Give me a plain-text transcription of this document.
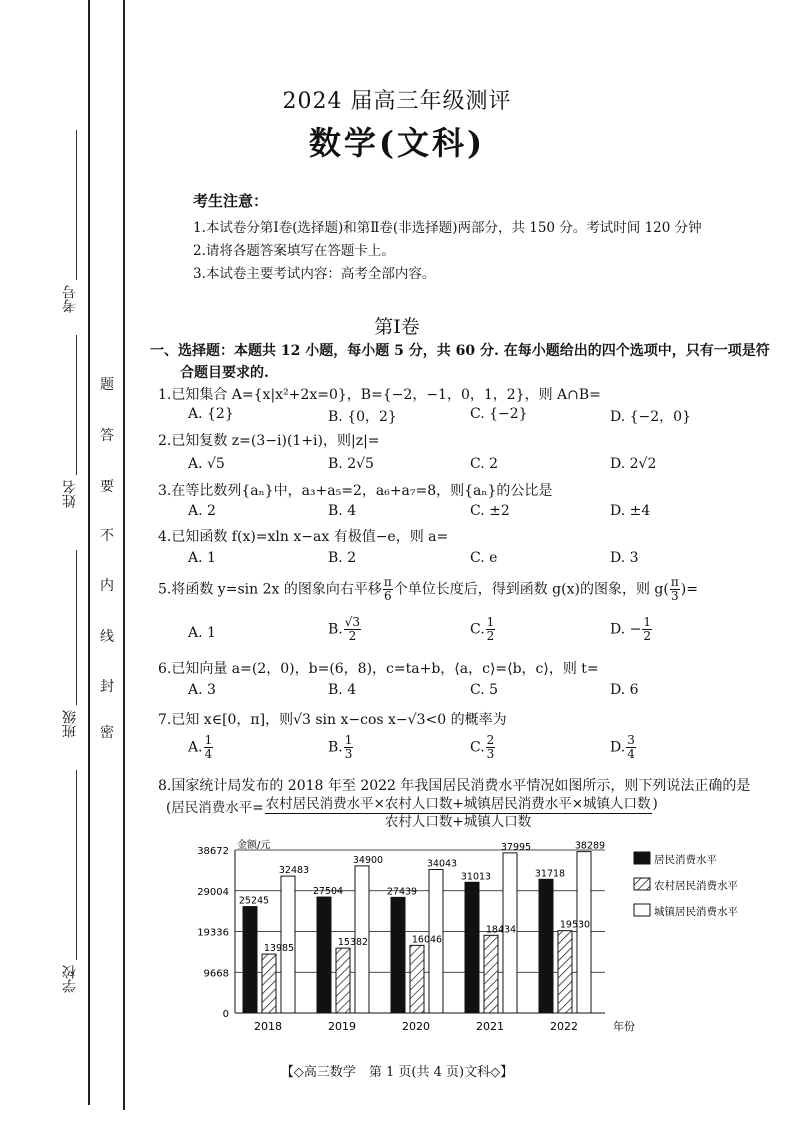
考号
姓名
班级
学校
密
封
线
内
不
要
答
题
2024 届高三年级测评
数学(文科)
考生注意：
1.本试卷分第Ⅰ卷(选择题)和第Ⅱ卷(非选择题)两部分，共 150 分。考试时间 120 分钟
2.请将各题答案填写在答题卡上。
3.本试卷主要考试内容：高考全部内容。
第Ⅰ卷
一、选择题：本题共 12 小题，每小题 5 分，共 60 分. 在每小题给出的四个选项中，只有一项是符
合题目要求的.
1.已知集合 A={x|x²+2x=0}，B={−2，−1，0，1，2}，则 A∩B=
A. {2}	B. {0，2}	C. {−2}	D. {−2，0}
2.已知复数 z=(3−i)(1+i)，则|z|=
A. √5	B. 2√5	C. 2	D. 2√2
3.在等比数列{aₙ}中，a₃+a₅=2，a₆+a₇=8，则{aₙ}的公比是
A. 2	B. 4	C. ±2	D. ±4
4.已知函数 f(x)=xln x−ax 有极值−e，则 a=
A. 1	B. 2	C. e	D. 3
5.将函数 y=sin 2x 的图象向右平移 $\frac{\pi}{6}$ 个单位长度后，得到函数 g(x)的图象，则 $g( \frac{\pi}{3}$ )=
A. 1	B. $\frac{√3}{2}$	C. $\frac{1}{2}$	D. − $\frac{1}{2}$
6.已知向量 a=(2，0)，b=(6，8)，c=ta+b，⟨a，c⟩=⟨b，c⟩，则 t=
A. 3	B. 4	C. 5	D. 6
7.已知 x∈[0，π]，则√3 sin x−cos x−√3<0 的概率为
A. $\frac{1}{4}$	B. $\frac{1}{3}$	C. $\frac{2}{3}$	D. $\frac{3}{4}$
8.国家统计局发布的 2018 年至 2022 年我国居民消费水平情况如图所示，则下列说法正确的是
(居民消费水平= $\frac{\text{农村居民消费水平×农村人口数+城镇居民消费水平×城镇人口数}}{\text{农村人口数+城镇人口数}}$ )
金额/元
年份
0
9668
19336
29004
38672
2018
25245
13985
32483
2019
27504
15382
34900
2020
27439
16046
34043
2021
31013
18434
37995
2022
31718
19530
38289
居民消费水平
农村居民消费水平
城镇居民消费水平
【◇高三数学　第 1 页(共 4 页)文科◇】
